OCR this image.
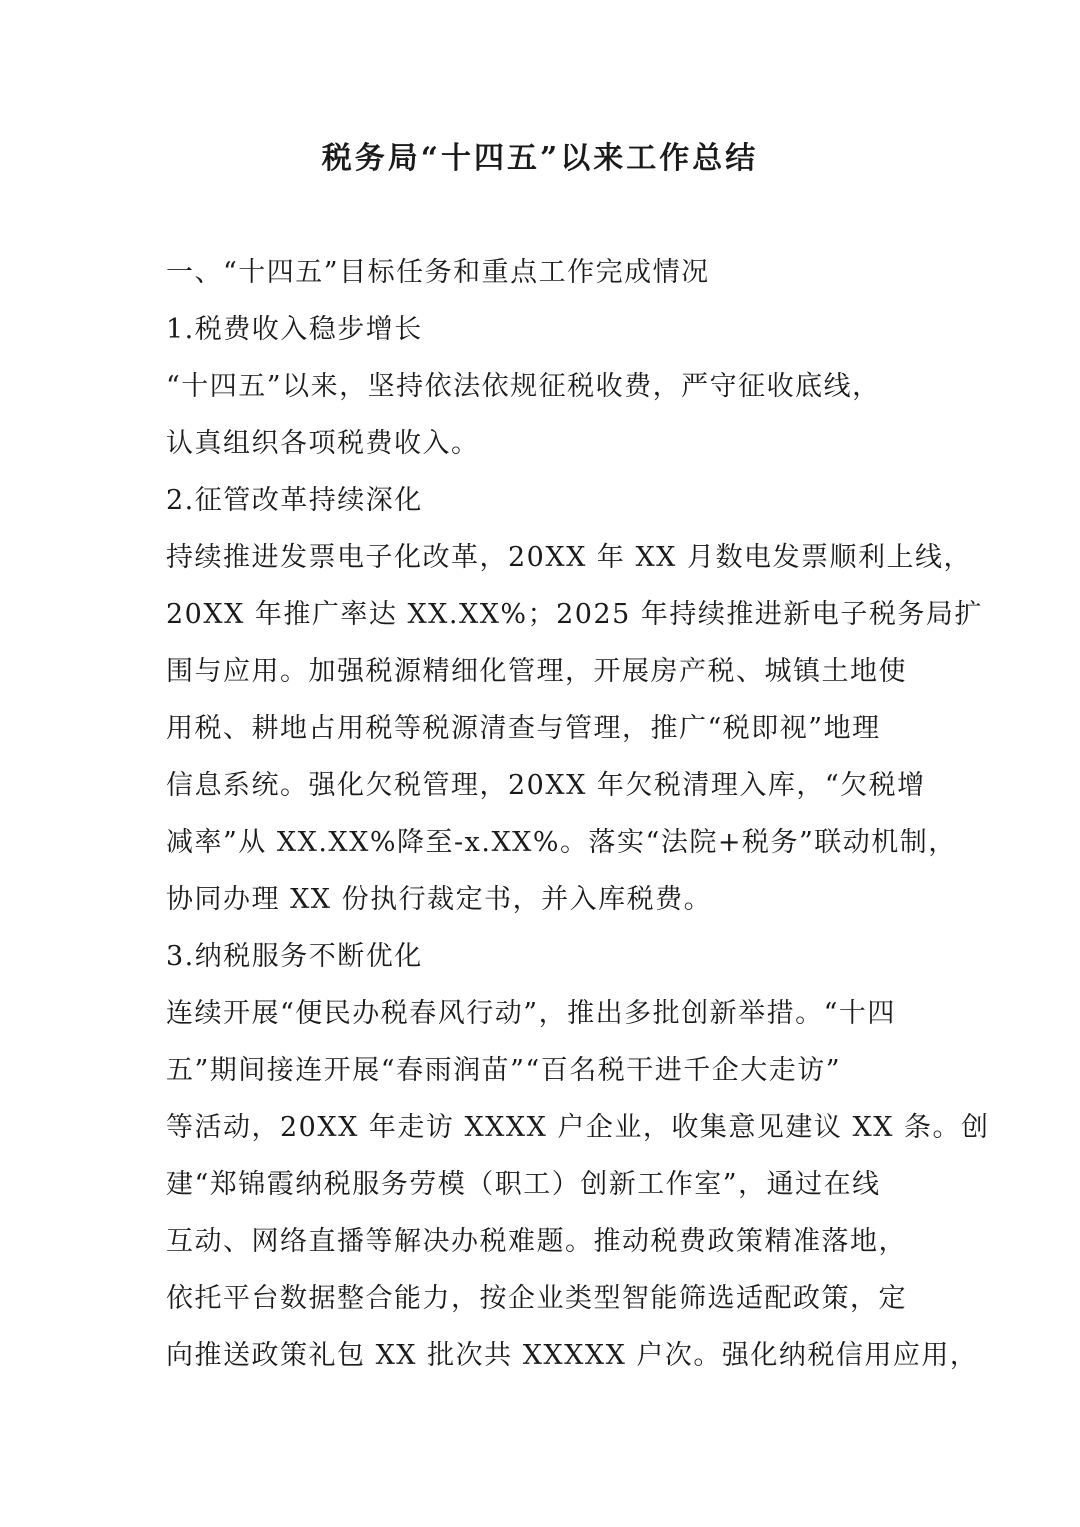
税务局“十四五”以来工作总结
一、“十四五”目标任务和重点工作完成情况
1.税费收入稳步增长
“十四五”以来，坚持依法依规征税收费，严守征收底线，
认真组织各项税费收入。
2.征管改革持续深化
持续推进发票电子化改革，20XX 年 XX 月数电发票顺利上线，
20XX 年推广率达 XX.XX%；2025 年持续推进新电子税务局扩
围与应用。加强税源精细化管理，开展房产税、城镇土地使
用税、耕地占用税等税源清查与管理，推广“税即视”地理
信息系统。强化欠税管理，20XX 年欠税清理入库，“欠税增
减率”从 XX.XX%降至-x.XX%。落实“法院+税务”联动机制，
协同办理 XX 份执行裁定书，并入库税费。
3.纳税服务不断优化
连续开展“便民办税春风行动”，推出多批创新举措。“十四
五”期间接连开展“春雨润苗”“百名税干进千企大走访”
等活动，20XX 年走访 XXXX 户企业，收集意见建议 XX 条。创
建“郑锦霞纳税服务劳模（职工）创新工作室”，通过在线
互动、网络直播等解决办税难题。推动税费政策精准落地，
依托平台数据整合能力，按企业类型智能筛选适配政策，定
向推送政策礼包 XX 批次共 XXXXX 户次。强化纳税信用应用，
